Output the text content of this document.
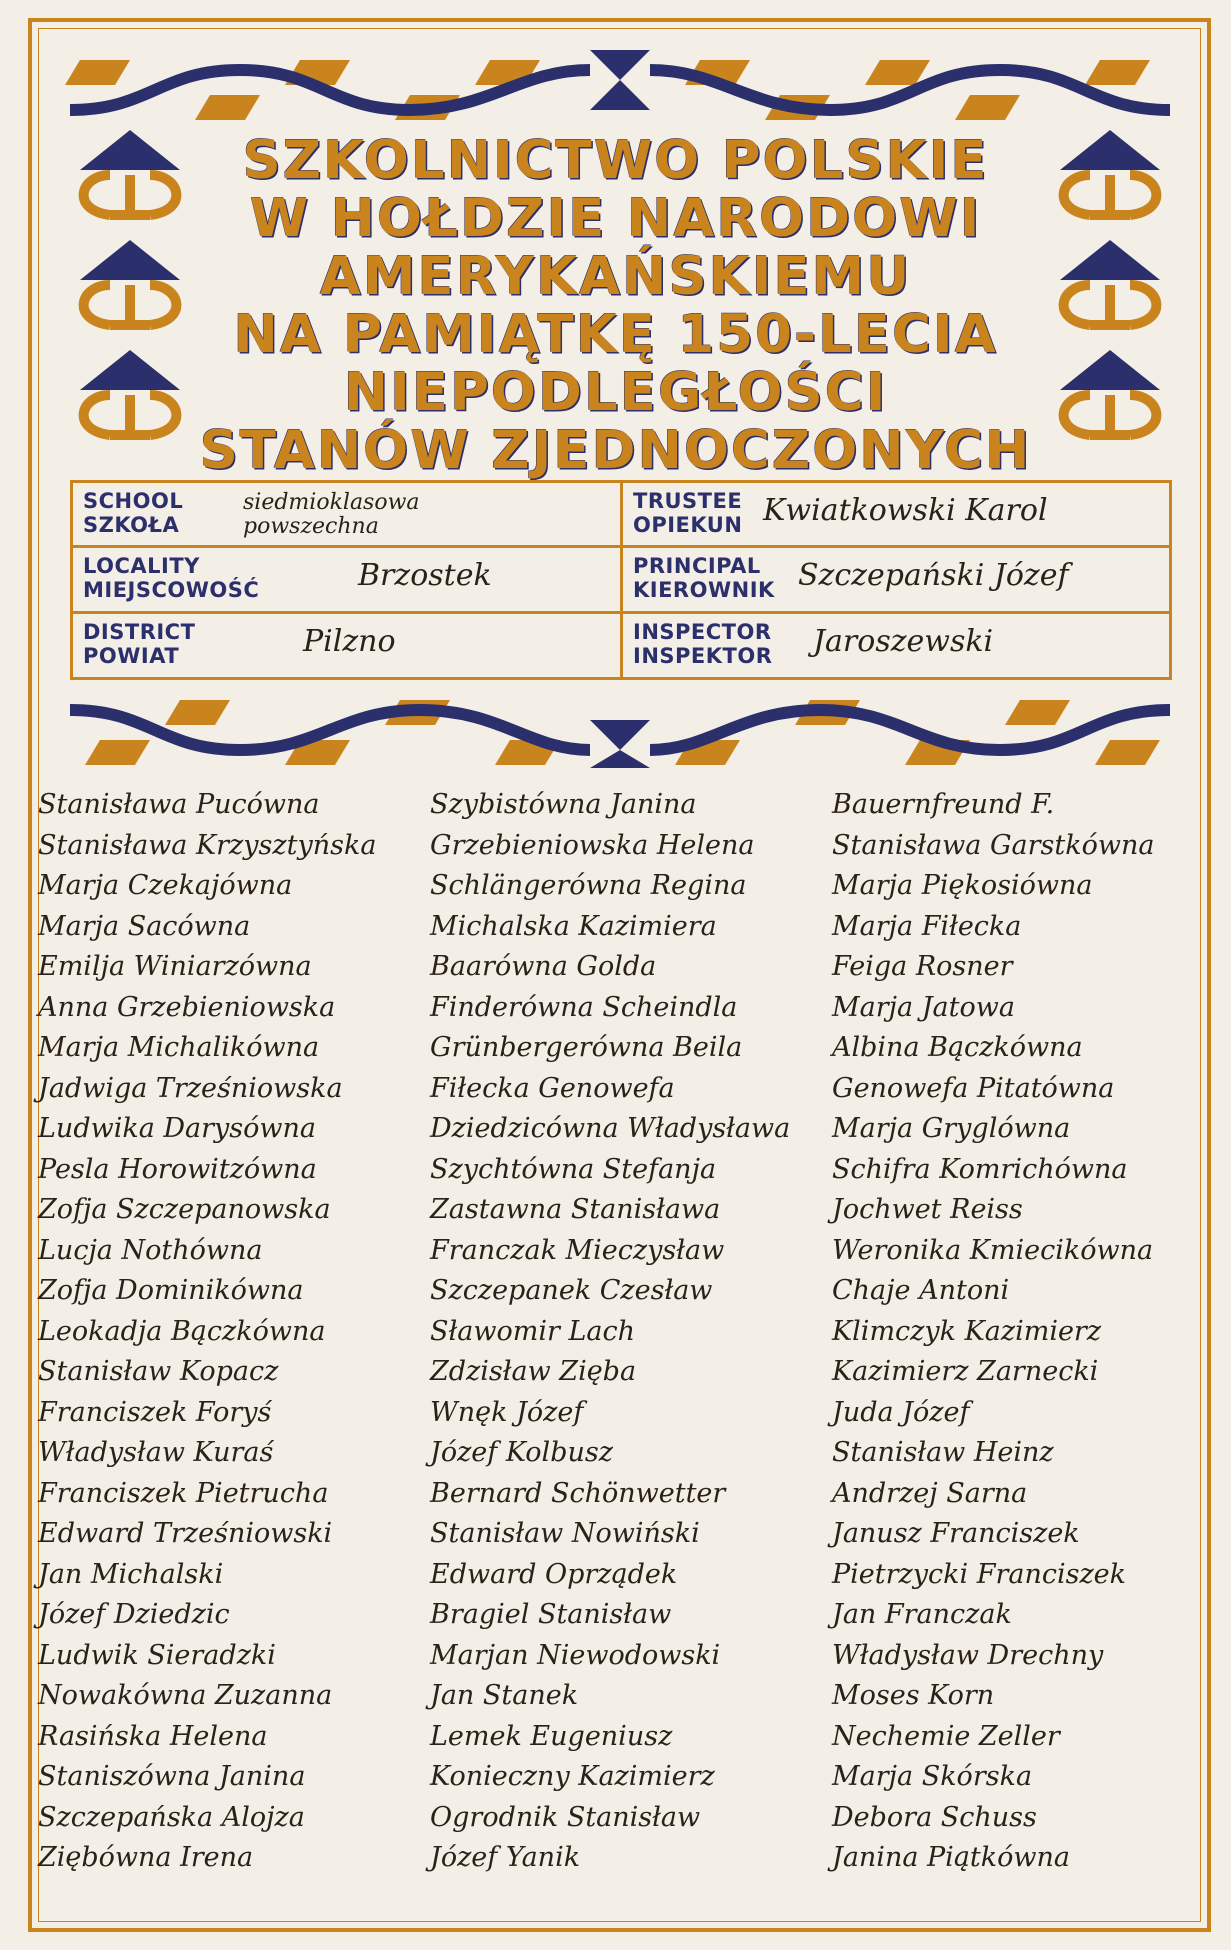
SZKOLNICTWO POLSKIE
W HOŁDZIE NARODOWI
AMERYKAŃSKIEMU
NA PAMIĄTKĘ 150-LECIA
NIEPODLEGŁOŚCI
STANÓW ZJEDNOCZONYCH
SCHOOL
SZKOŁA
siedmioklasowa powszechna
LOCALITY
MIEJSCOWOŚĆ	Brzostek
DISTRICT
POWIAT	Pilzno
TRUSTEE
OPIEKUN Kwiatkowski Karol
PRINCIPAL
KIEROWNIK Szczepański Józef
INSPECTOR
INSPEKTOR Jaroszewski
Stanisława Pucówna
Stanisława Krzysztyńska
Marja Czekajówna
Marja Sacówna
Emilja Winiarzówna
Anna Grzebieniowska
Marja Michalikówna
Jadwiga Trześniowska
Ludwika Darysówna
Pesla Horowitzówna
Zofja Szczepanowska
Lucja Nothówna
Zofja Dominikówna
Leokadja Bączkówna
Stanisław Kopacz
Franciszek Foryś
Władysław Kuraś
Franciszek Pietrucha
Edward Trześniowski
Jan Michalski
Józef Dziedzic
Ludwik Sieradzki
Nowakówna Zuzanna
Rasińska Helena
Staniszówna Janina
Szczepańska Alojza
Ziębówna Irena
Szybistówna Janina
Grzebieniowska Helena
Schlängerówna Regina
Michalska Kazimiera
Baarówna Golda
Finderówna Scheindla
Grünbergerówna Beila
Fiłecka Genowefa
Dziedzicówna Władysława
Szychtówna Stefanja
Zastawna Stanisława
Franczak Mieczysław
Szczepanek Czesław
Sławomir Lach
Zdzisław Zięba
Wnęk Józef
Józef Kolbusz
Bernard Schönwetter
Stanisław Nowiński
Edward Oprządek
Bragiel Stanisław
Marjan Niewodowski
Jan Stanek
Lemek Eugeniusz
Konieczny Kazimierz
Ogrodnik Stanisław
Józef Yanik
Bauernfreund F.
Stanisława Garstkówna
Marja Piękosiówna
Marja Fiłecka
Feiga Rosner
Marja Jatowa
Albina Bączkówna
Genowefa Pitatówna
Marja Gryglówna
Schifra Komrichówna
Jochwet Reiss
Weronika Kmiecikówna
Chaje Antoni
Klimczyk Kazimierz
Kazimierz Zarnecki
Juda Józef
Stanisław Heinz
Andrzej Sarna
Janusz Franciszek
Pietrzycki Franciszek
Jan Franczak
Władysław Drechny
Moses Korn
Nechemie Zeller
Marja Skórska
Debora Schuss
Janina Piątkówna
